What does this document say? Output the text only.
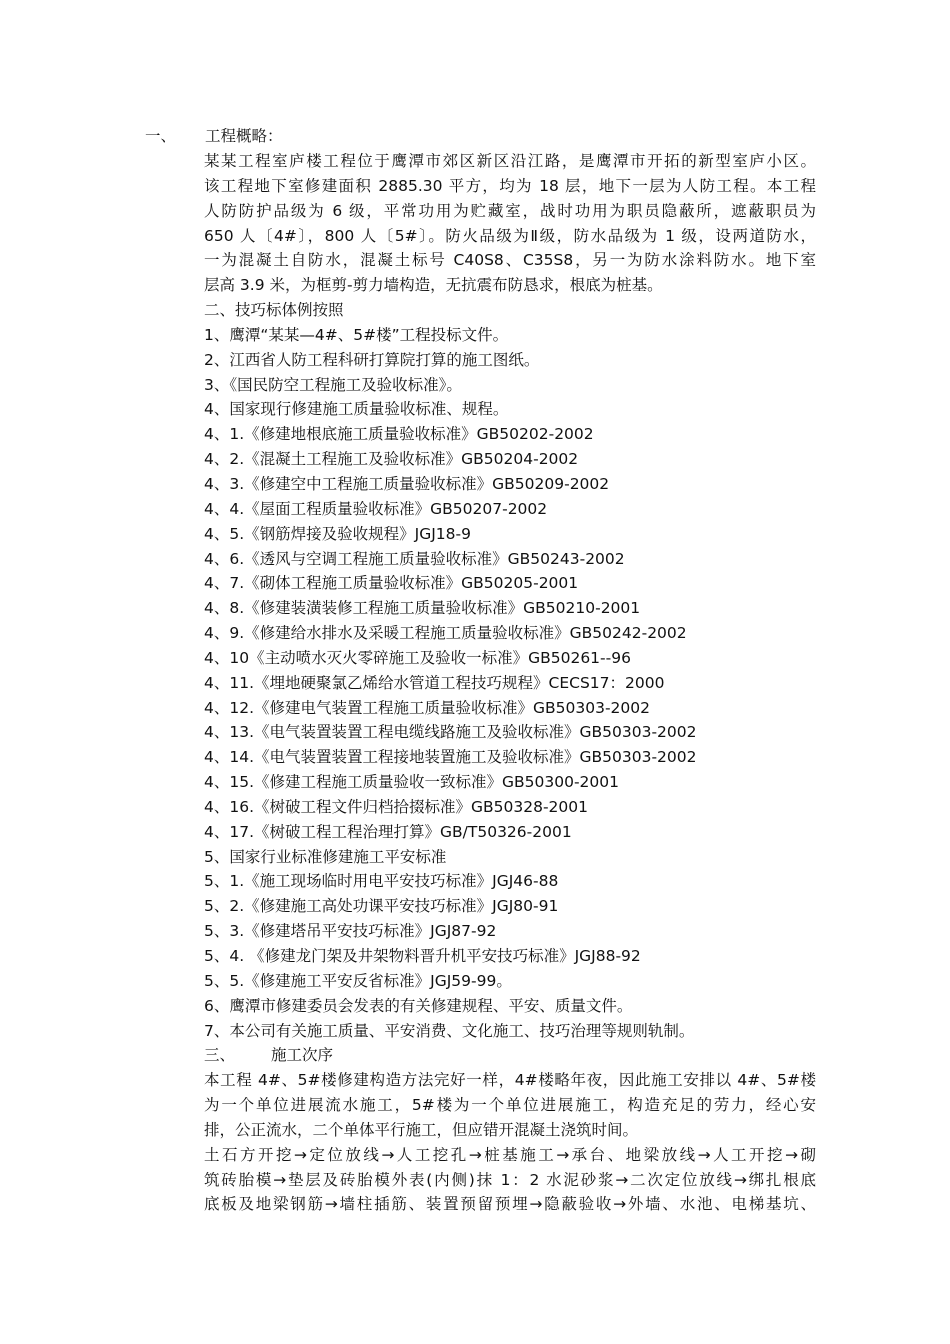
一、 工程概略：
某某工程室庐楼工程位于鹰潭市郊区新区沿江路，是鹰潭市开拓的新型室庐小区。
该工程地下室修建面积 2885.30 平方，均为 18 层，地下一层为人防工程。本工程
人防防护品级为 6 级，平常功用为贮藏室，战时功用为职员隐蔽所，遮蔽职员为
650 人〔4#〕，800 人〔5#〕。防火品级为Ⅱ级，防水品级为 1 级，设两道防水，
一为混凝土自防水，混凝土标号 C40S8、C35S8，另一为防水涂料防水。地下室
层高 3.9 米，为框剪-剪力墙构造，无抗震布防恳求，根底为桩基。
二、技巧标体例按照
1、鹰潭“某某—4#、5#楼”工程投标文件。
2、江西省人防工程科研打算院打算的施工图纸。
3、《国民防空工程施工及验收标准》。
4、国家现行修建施工质量验收标准、规程。
4、1.《修建地根底施工质量验收标准》GB50202-2002
4、2.《混凝土工程施工及验收标准》GB50204-2002
4、3.《修建空中工程施工质量验收标准》GB50209-2002
4、4.《屋面工程质量验收标准》GB50207-2002
4、5.《钢筋焊接及验收规程》JGJ18-9
4、6.《透风与空调工程施工质量验收标准》GB50243-2002
4、7.《砌体工程施工质量验收标准》GB50205-2001
4、8.《修建装潢装修工程施工质量验收标准》GB50210-2001
4、9.《修建给水排水及采暖工程施工质量验收标准》GB50242-2002
4、10《主动喷水灭火零碎施工及验收一标准》GB50261--96
4、11.《埋地硬聚氯乙烯给水管道工程技巧规程》CECS17：2000
4、12.《修建电气装置工程施工质量验收标准》GB50303-2002
4、13.《电气装置装置工程电缆线路施工及验收标准》GB50303-2002
4、14.《电气装置装置工程接地装置施工及验收标准》GB50303-2002
4、15.《修建工程施工质量验收一致标准》GB50300-2001
4、16.《树破工程文件归档拾掇标准》GB50328-2001
4、17.《树破工程工程治理打算》GB/T50326-2001
5、国家行业标准修建施工平安标准
5、1.《施工现场临时用电平安技巧标准》JGJ46-88
5、2.《修建施工高处功课平安技巧标准》JGJ80-91
5、3.《修建塔吊平安技巧标准》JGJ87-92
5、4. 《修建龙门架及井架物料晋升机平安技巧标准》JGJ88-92
5、5.《修建施工平安反省标准》JGJ59-99。
6、鹰潭市修建委员会发表的有关修建规程、平安、质量文件。
7、本公司有关施工质量、平安消费、文化施工、技巧治理等规则轨制。
三、 施工次序
本工程 4#、5#楼修建构造方法完好一样，4#楼略年夜，因此施工安排以 4#、5#楼
为一个单位进展流水施工，5#楼为一个单位进展施工，构造充足的劳力，经心安
排，公正流水，二个单体平行施工，但应错开混凝土浇筑时间。
土石方开挖→定位放线→人工挖孔→桩基施工→承台、地梁放线→人工开挖→砌
筑砖胎模→垫层及砖胎模外表(内侧)抹 1：2 水泥砂浆→二次定位放线→绑扎根底
底板及地梁钢筋→墙柱插筋、装置预留预埋→隐蔽验收→外墙、水池、电梯基坑、
